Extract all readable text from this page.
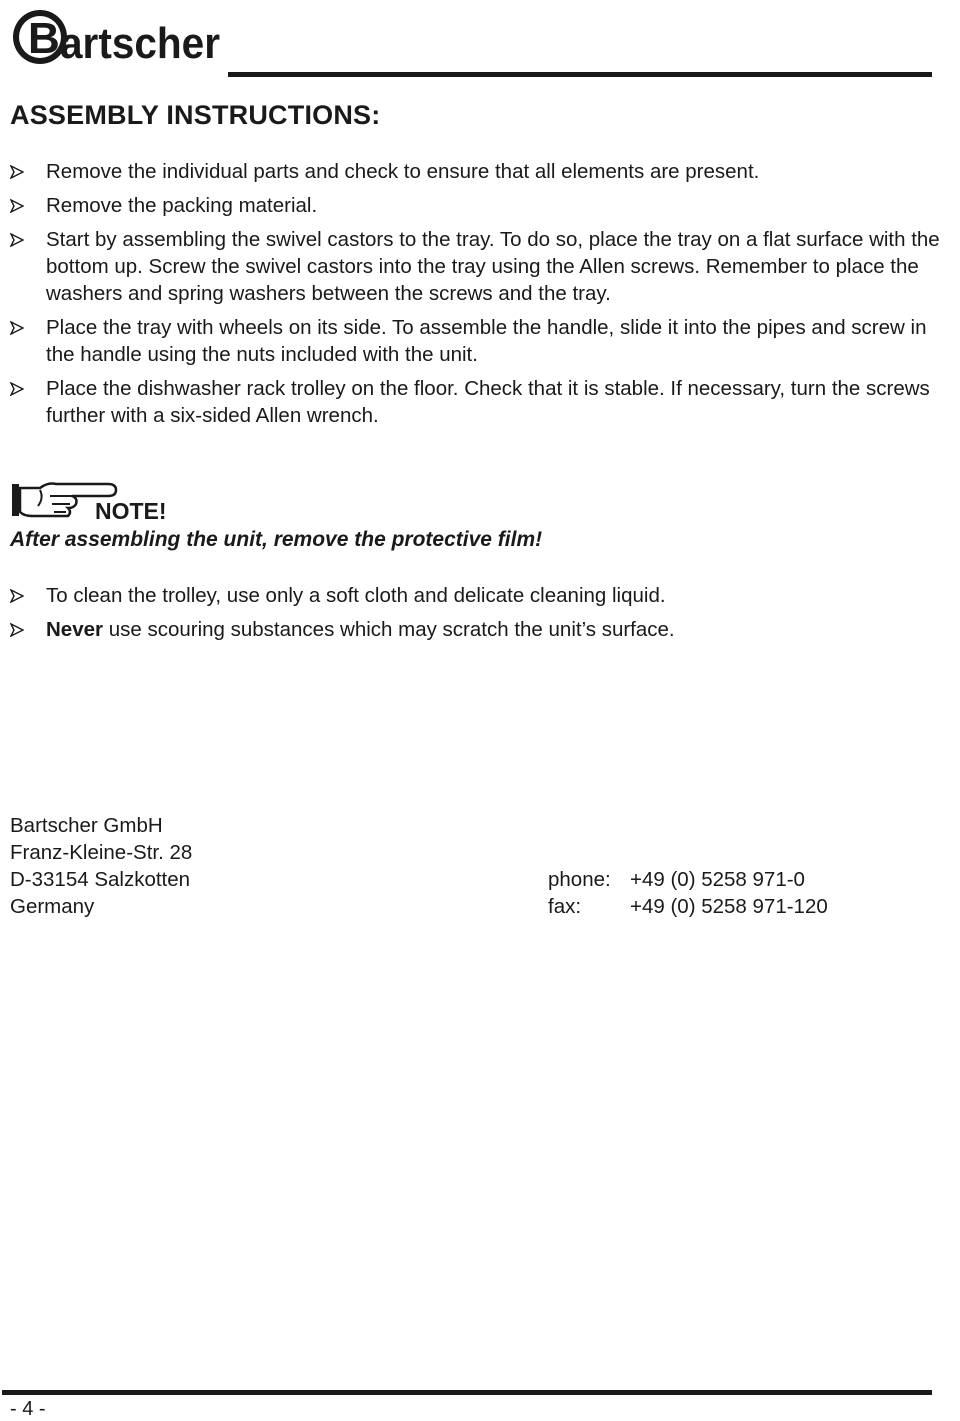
B artscher
ASSEMBLY INSTRUCTIONS:
Remove the individual parts and check to ensure that all elements are present.
Remove the packing material.
Start by assembling the swivel castors to the tray. To do so, place the tray on a flat surface with the bottom up. Screw the swivel castors into the tray using the Allen screws. Remember to place the washers and spring washers between the screws and the tray.
Place the tray with wheels on its side. To assemble the handle, slide it into the pipes and screw in the handle using the nuts included with the unit.
Place the dishwasher rack trolley on the floor. Check that it is stable. If necessary, turn the screws further with a six-sided Allen wrench.
NOTE!
After assembling the unit, remove the protective film!
To clean the trolley, use only a soft cloth and delicate cleaning liquid.
Never use scouring substances which may scratch the unit’s surface.
Bartscher GmbH
Franz-Kleine-Str. 28
D-33154 Salzkotten
Germany
phone: +49 (0) 5258 971-0
fax: +49 (0) 5258 971-120
- 4 -
